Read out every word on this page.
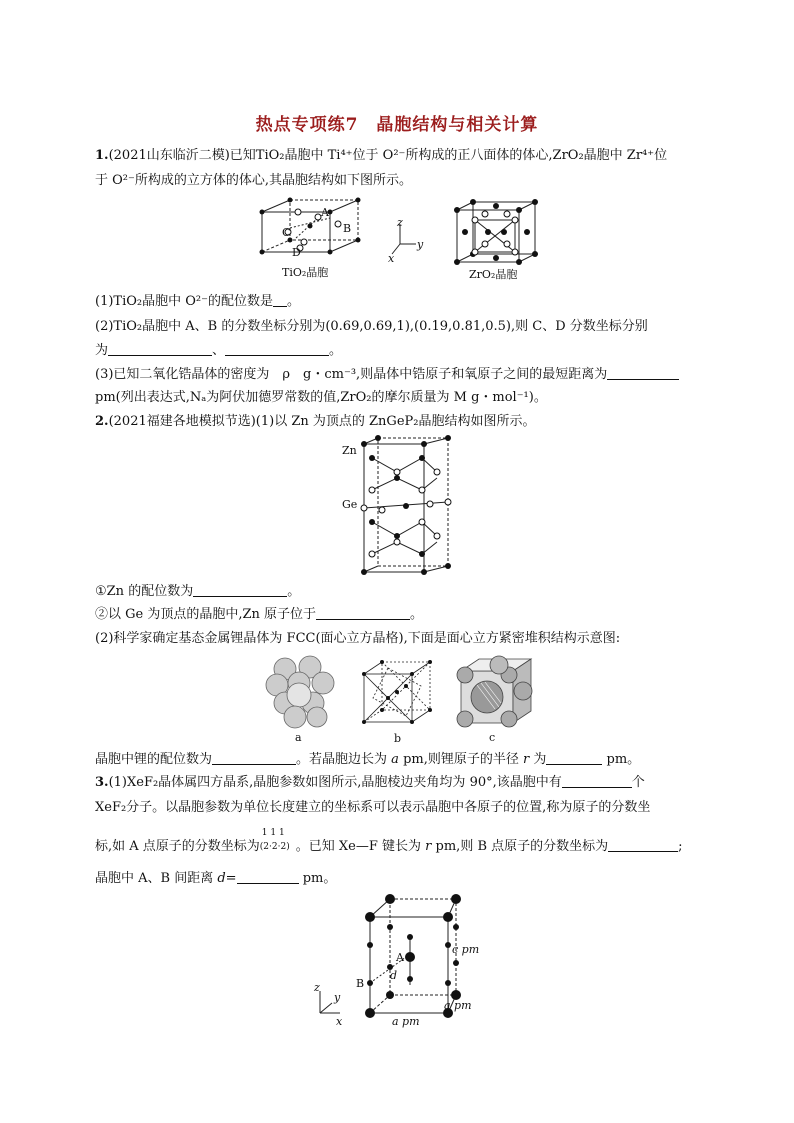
热点专项练7　晶胞结构与相关计算
1.(2021山东临沂二模)已知TiO₂晶胞中 Ti⁴⁺位于 O²⁻所构成的正八面体的体心,ZrO₂晶胞中 Zr⁴⁺位
于 O²⁻所构成的立方体的体心,其晶胞结构如下图所示。
A
B
C
D
TiO₂晶胞
z
y
x
ZrO₂晶胞
(1)TiO₂晶胞中 O²⁻的配位数是 。
(2)TiO₂晶胞中 A、B 的分数坐标分别为(0.69,0.69,1),(0.19,0.81,0.5),则 C、D 分数坐标分别
为	、	。
(3)已知二氧化锆晶体的密度为　ρ　g・cm⁻³,则晶体中锆原子和氧原子之间的最短距离为
pm(列出表达式,Nₐ为阿伏加德罗常数的值,ZrO₂的摩尔质量为 M g・mol⁻¹)。
2.(2021福建各地模拟节选)(1)以 Zn 为顶点的 ZnGeP₂晶胞结构如图所示。
Zn
Ge
①Zn 的配位数为	。
②以 Ge 为顶点的晶胞中,Zn 原子位于	。
(2)科学家确定基态金属锂晶体为 FCC(面心立方晶格),下面是面心立方紧密堆积结构示意图:
a	b	c
晶胞中锂的配位数为	。若晶胞边长为 a pm,则锂原子的半径 r 为	pm。
3.(1)XeF₂晶体属四方晶系,晶胞参数如图所示,晶胞棱边夹角均为 90°,该晶胞中有	个
XeF₂分子。以晶胞参数为单位长度建立的坐标系可以表示晶胞中各原子的位置,称为原子的分数坐
标,如 A 点原子的分数坐标为
1 1 1
(2·2·2) 。已知 Xe—F 键长为 r pm,则 B 点原子的分数坐标为	;
晶胞中 A、B 间距离 d=	pm。
A
B
d
c pm
a pm
a pm
z
y
x
